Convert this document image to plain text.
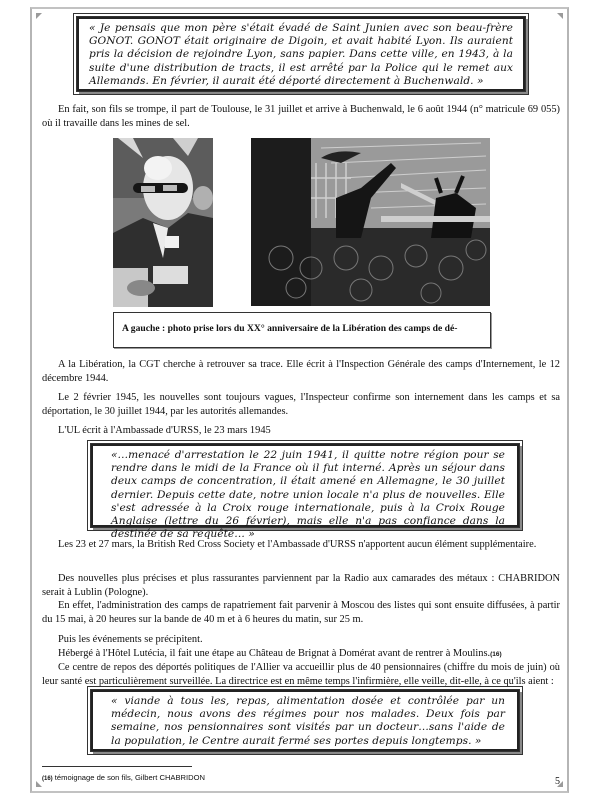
« Je pensais que mon père s'était évadé de Saint Junien avec son beau-frère GONOT. GONOT était originaire de Digoin, et avait habité Lyon. Ils auraient pris la décision de rejoindre Lyon, sans papier. Dans cette ville, en 1943, à la suite d'une distribution de tracts, il est arrêté par la Police qui le remet aux Allemands. En février, il aurait été déporté directement à Buchenwald. »
En fait, son fils se trompe, il part de Toulouse, le 31 juillet et arrive à Buchenwald, le 6 août 1944 (n° matricule 69 055) où il travaille dans les mines de sel.
A gauche : photo prise lors du XX° anniversaire de la Libération des camps de dé-
A la Libération, la CGT cherche à retrouver sa trace. Elle écrit à l'Inspection Générale des camps d'Internement, le 12 décembre 1944.
Le 2 février 1945, les nouvelles sont toujours vagues, l'Inspecteur confirme son internement dans les camps et sa déportation, le 30 juillet 1944, par les autorités allemandes.
L'UL écrit à l'Ambassade d'URSS, le 23 mars 1945
«…menacé d'arrestation le 22 juin 1941, il quitte notre région pour se rendre dans le midi de la France où il fut interné. Après un séjour dans deux camps de concentration, il était amené en Allemagne, le 30 juillet dernier. Depuis cette date, notre union locale n'a plus de nouvelles. Elle s'est adressée à la Croix rouge internationale, puis à la Croix Rouge Anglaise (lettre du 26 février), mais elle n'a pas confiance dans la destinée de sa requête… »
Les 23 et 27 mars, la British Red Cross Society et l'Ambassade d'URSS n'apportent aucun élément supplémentaire.
Des nouvelles plus précises et plus rassurantes parviennent par la Radio aux camarades des métaux : CHABRIDON serait à Lublin (Pologne).
En effet, l'administration des camps de rapatriement fait parvenir à Moscou des listes qui sont ensuite diffusées, à partir du 15 mai, à 20 heures sur la bande de 40 m et à 6 heures du matin, sur 25 m.
Puis les événements se précipitent.
Hébergé à l'Hôtel Lutécia, il fait une étape au Château de Brignat à Domérat avant de rentrer à Moulins.(16)
Ce centre de repos des déportés politiques de l'Allier va accueillir plus de 40 pensionnaires (chiffre du mois de juin) où leur santé est particulièrement surveillée. La directrice est en même temps l'infirmière, elle veille, dit-elle, à ce qu'ils aient :
« viande à tous les, repas, alimentation dosée et contrôlée par un médecin, nous avons des régimes pour nos malades. Deux fois par semaine, nos pensionnaires sont visités par un docteur…sans l'aide de la population, le Centre aurait fermé ses portes depuis longtemps. »
(16) témoignage de son fils, Gilbert CHABRIDON	5
